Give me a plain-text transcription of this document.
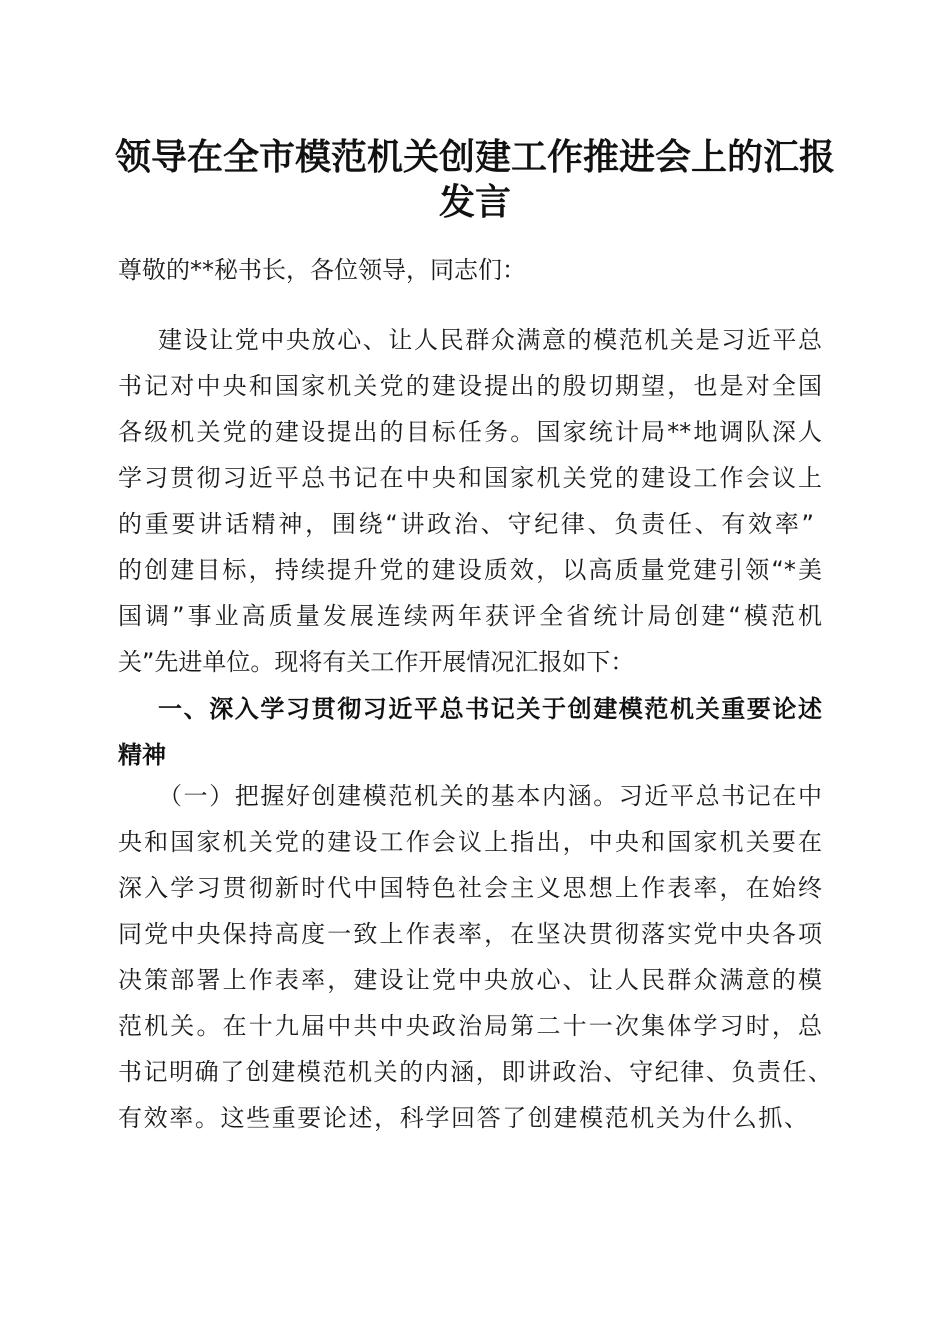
领导在全市模范机关创建工作推进会上的汇报
发言

尊敬的**秘书长，各位领导，同志们：

建设让党中央放心、让人民群众满意的模范机关是习近平总

书记对中央和国家机关党的建设提出的殷切期望，也是对全国

各级机关党的建设提出的目标任务。国家统计局**地调队深人

学习贯彻习近平总书记在中央和国家机关党的建设工作会议上

的重要讲话精神，围绕“讲政治、守纪律、负责任、有效率”

的创建目标，持续提升党的建设质效，以高质量党建引领“*美

国调”事业高质量发展连续两年获评全省统计局创建“模范机

关”先进单位。现将有关工作开展情况汇报如下：

一、深入学习贯彻习近平总书记关于创建模范机关重要论述

精神

（一）把握好创建模范机关的基本内涵。习近平总书记在中

央和国家机关党的建设工作会议上指出，中央和国家机关要在

深入学习贯彻新时代中国特色社会主义思想上作表率，在始终

同党中央保持高度一致上作表率，在坚决贯彻落实党中央各项

决策部署上作表率，建设让党中央放心、让人民群众满意的模

范机关。在十九届中共中央政治局第二十一次集体学习时，总

书记明确了创建模范机关的内涵，即讲政治、守纪律、负责任、

有效率。这些重要论述，科学回答了创建模范机关为什么抓、
